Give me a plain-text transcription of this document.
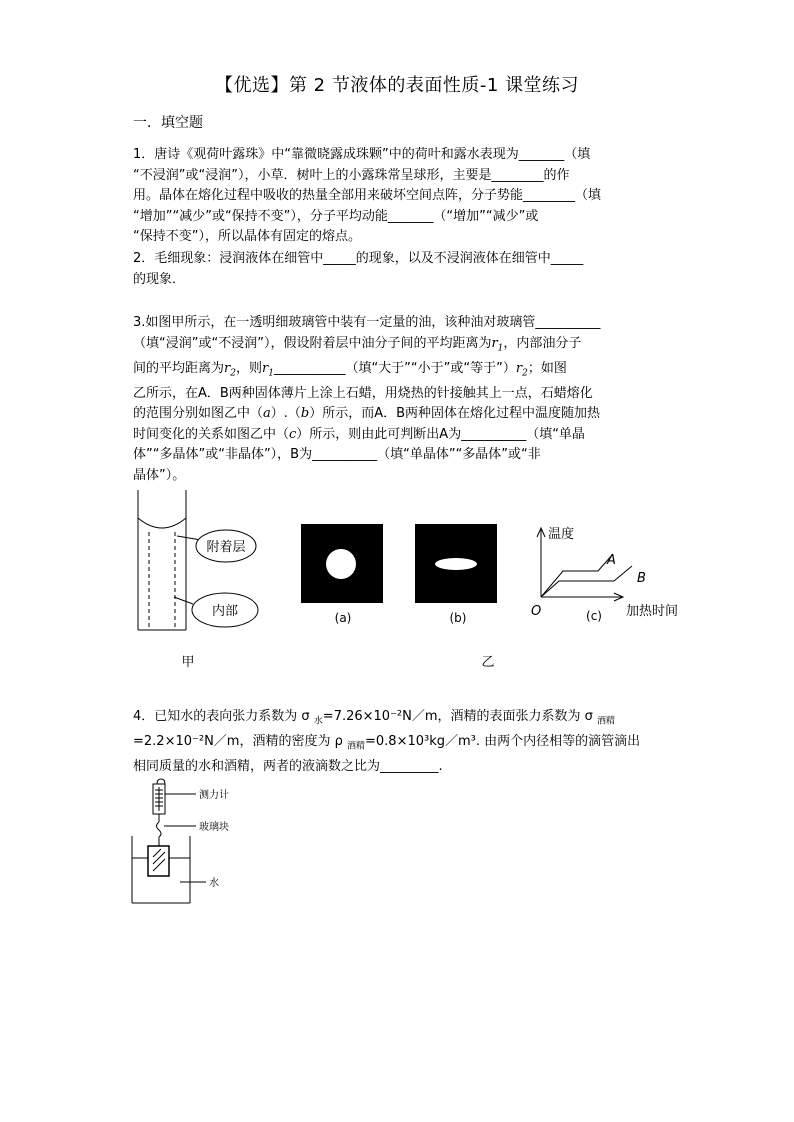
【优选】第 2 节液体的表面性质-1 课堂练习
一．填空题
1．唐诗《观荷叶露珠》中“靠微晓露成珠颗”中的荷叶和露水表现为_______（填
“不浸润”或“浸润”），小草．树叶上的小露珠常呈球形，主要是________的作
用。晶体在熔化过程中吸收的热量全部用来破坏空间点阵，分子势能________（填
“增加”“减少”或“保持不变”），分子平均动能_______（“增加”“减少”或
“保持不变”），所以晶体有固定的熔点。
2．毛细现象：浸润液体在细管中_____的现象，以及不浸润液体在细管中_____
的现象．
3.如图甲所示，在一透明细玻璃管中装有一定量的油，该种油对玻璃管__________
（填“浸润”或“不浸润”），假设附着层中油分子间的平均距离为$r_1$，内部油分子
间的平均距离为$r_2$，则$r_1\_\_\_\_\_\_\_\_\_\_\_$（填“大于”“小于”或“等于$”)r_2$；如图
乙所示，在A．B两种固体薄片上涂上石蜡，用烧热的针接触其上一点，石蜡熔化
的范围分别如图乙中（a）.（b）所示，而A．B两种固体在熔化过程中温度随加热
时间变化的关系如图乙中（c）所示，则由此可判断出A为__________（填“单晶
体”“多晶体”或“非晶体”），B为__________（填“单晶体”“多晶体”或“非
晶体”）。
附着层
内部	(a)	(b)
温度
加热时间
O
A
B
(c)
甲	乙
4．已知水的表向张力系数为 σ $_水$=7.26×10⁻²N／m，酒精的表面张力系数为 σ $_{酒精}$
=2.2×10⁻²N／m，酒精的密度为 ρ $_{酒精}$=0.8×10³kg／m³. 由两个内径相等的滴管滴出
相同质量的水和酒精，两者的液滴数之比为_________.
测力计
玻璃块
水
